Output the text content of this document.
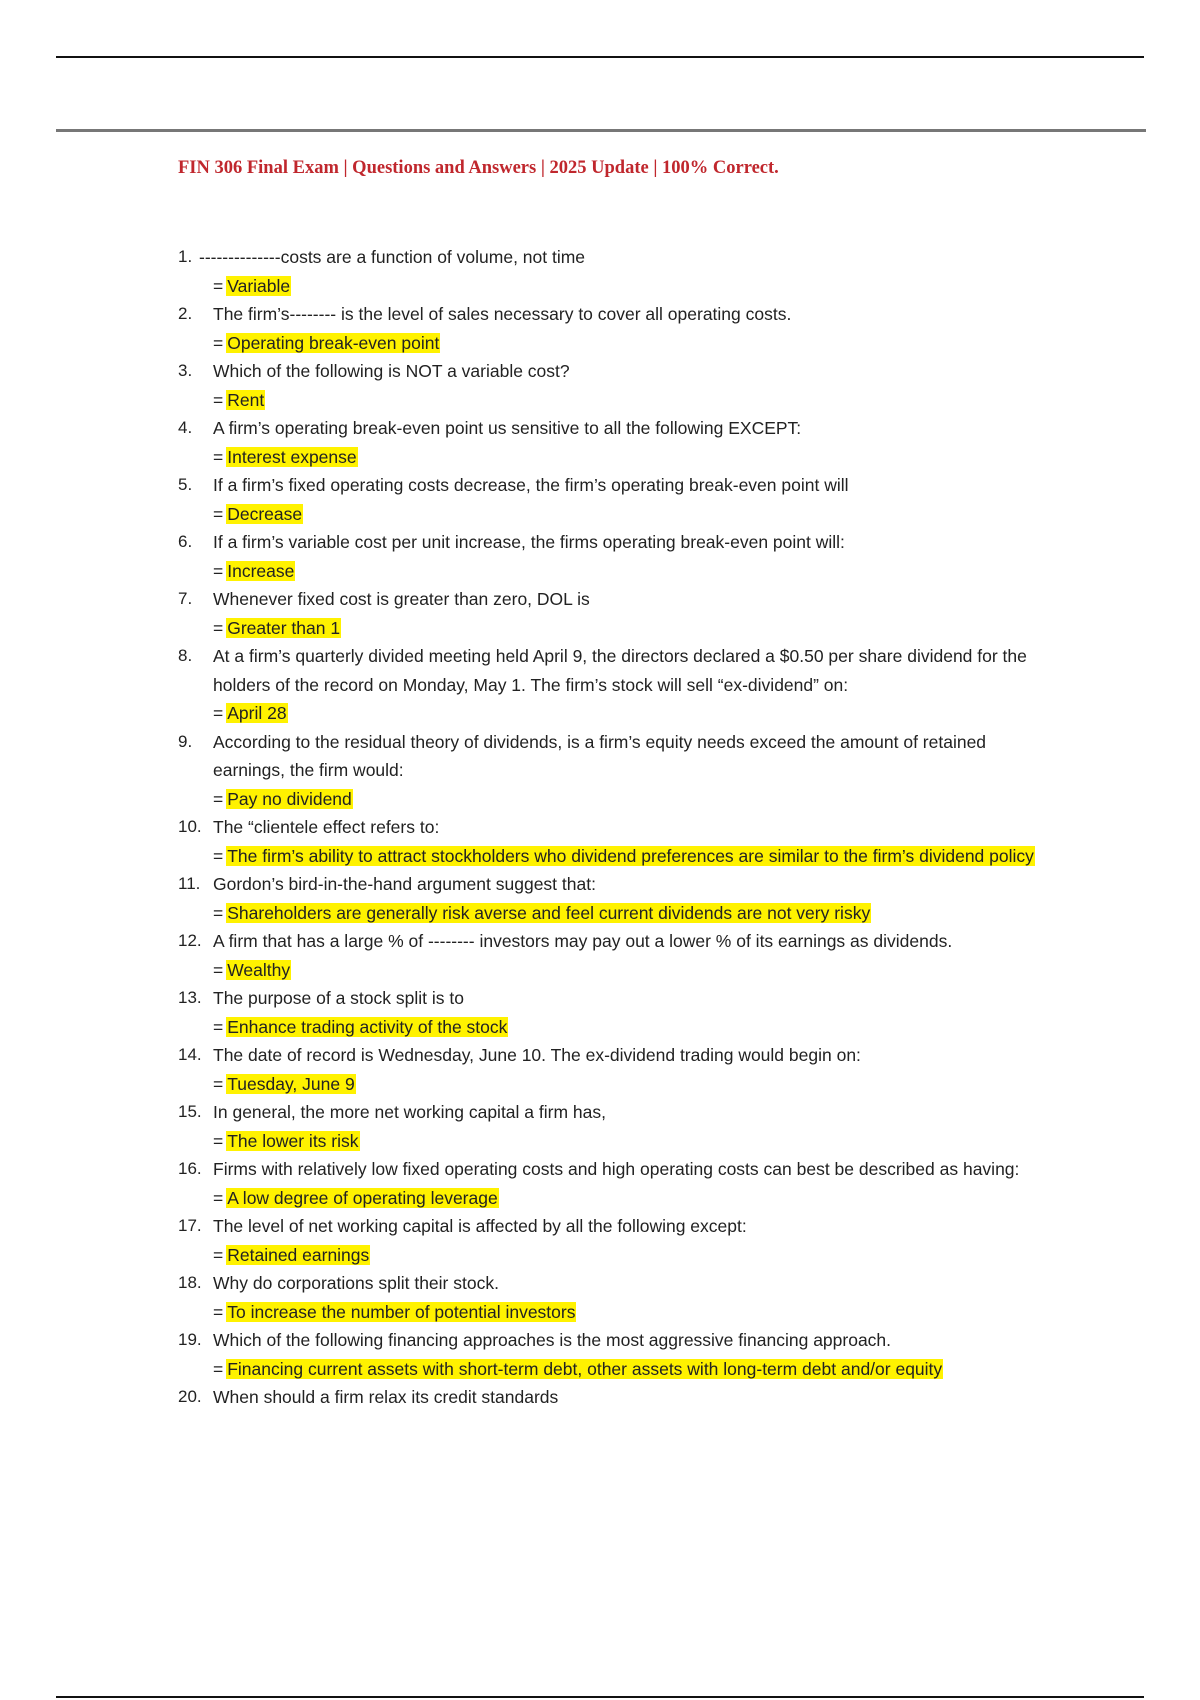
FIN 306 Final Exam | Questions and Answers | 2025 Update | 100% Correct.
1. --------------costs are a function of volume, not time
= Variable
2.	The firm’s-------- is the level of sales necessary to cover all operating costs.
= Operating break-even point
3.	Which of the following is NOT a variable cost?
= Rent
4.	A firm’s operating break-even point us sensitive to all the following EXCEPT:
= Interest expense
5.	If a firm’s fixed operating costs decrease, the firm’s operating break-even point will
= Decrease
6.	If a firm’s variable cost per unit increase, the firms operating break-even point will:
= Increase
7.	Whenever fixed cost is greater than zero, DOL is
= Greater than 1
8.	At a firm’s quarterly divided meeting held April 9, the directors declared a $0.50 per share dividend for the holders of the record on Monday, May 1. The firm’s stock will sell “ex-dividend” on:
= April 28
9.	According to the residual theory of dividends, is a firm’s equity needs exceed the amount of retained earnings, the firm would:
= Pay no dividend
10. The “clientele effect refers to:
= The firm’s ability to attract stockholders who dividend preferences are similar to the firm’s dividend policy
11. Gordon’s bird-in-the-hand argument suggest that:
= Shareholders are generally risk averse and feel current dividends are not very risky
12. A firm that has a large % of -------- investors may pay out a lower % of its earnings as dividends.
= Wealthy
13. The purpose of a stock split is to
= Enhance trading activity of the stock
14. The date of record is Wednesday, June 10. The ex-dividend trading would begin on:
= Tuesday, June 9
15. In general, the more net working capital a firm has,
= The lower its risk
16. Firms with relatively low fixed operating costs and high operating costs can best be described as having:
= A low degree of operating leverage
17. The level of net working capital is affected by all the following except:
= Retained earnings
18. Why do corporations split their stock.
= To increase the number of potential investors
19. Which of the following financing approaches is the most aggressive financing approach.
= Financing current assets with short-term debt, other assets with long-term debt and/or equity
20. When should a firm relax its credit standards
